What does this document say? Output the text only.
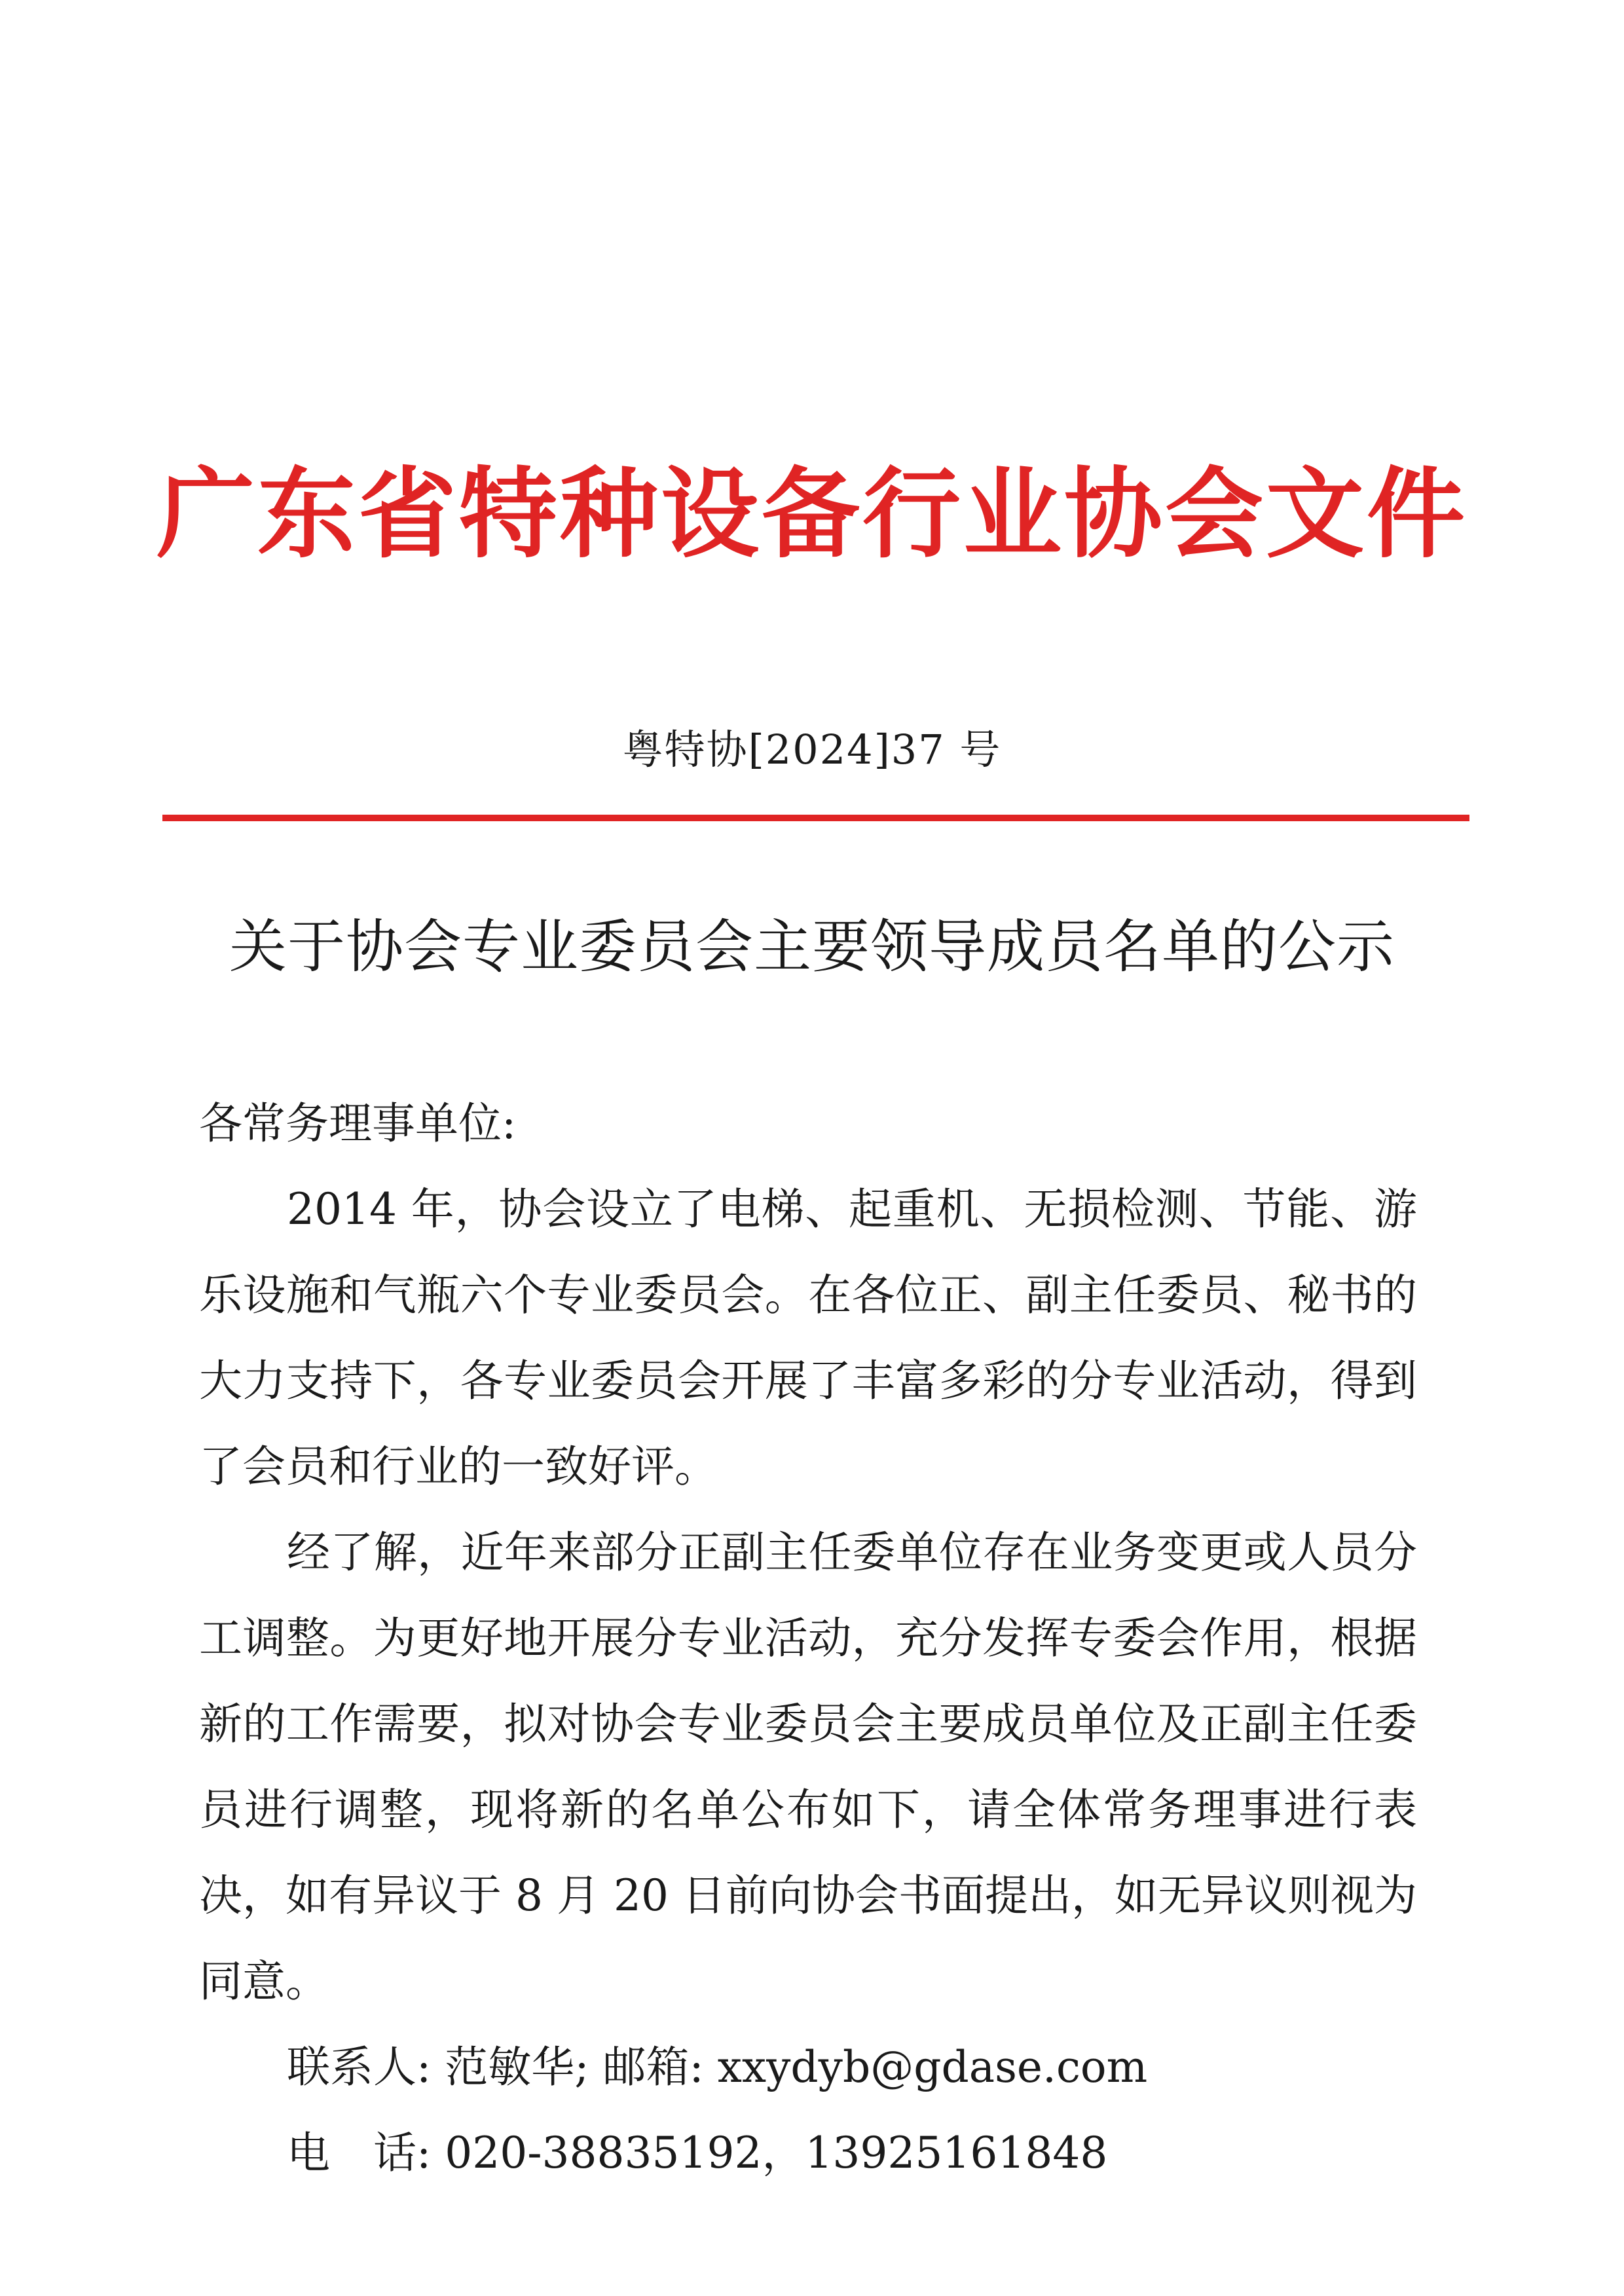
广东省特种设备行业协会文件
粤特协[2024]37 号
关于协会专业委员会主要领导成员名单的公示

各常务理事单位:

2014 年，协会设立了电梯、起重机、无损检测、节能、游乐设施和气瓶六个专业委员会。在各位正、副主任委员、秘书的大力支持下，各专业委员会开展了丰富多彩的分专业活动，得到了会员和行业的一致好评。

经了解，近年来部分正副主任委单位存在业务变更或人员分工调整。为更好地开展分专业活动，充分发挥专委会作用，根据新的工作需要，拟对协会专业委员会主要成员单位及正副主任委员进行调整，现将新的名单公布如下，请全体常务理事进行表决，如有异议于 8 月 20 日前向协会书面提出，如无异议则视为同意。

联系人: 范敏华; 邮箱: xxydyb@gdase.com

电 话: 020-38835192，13925161848
